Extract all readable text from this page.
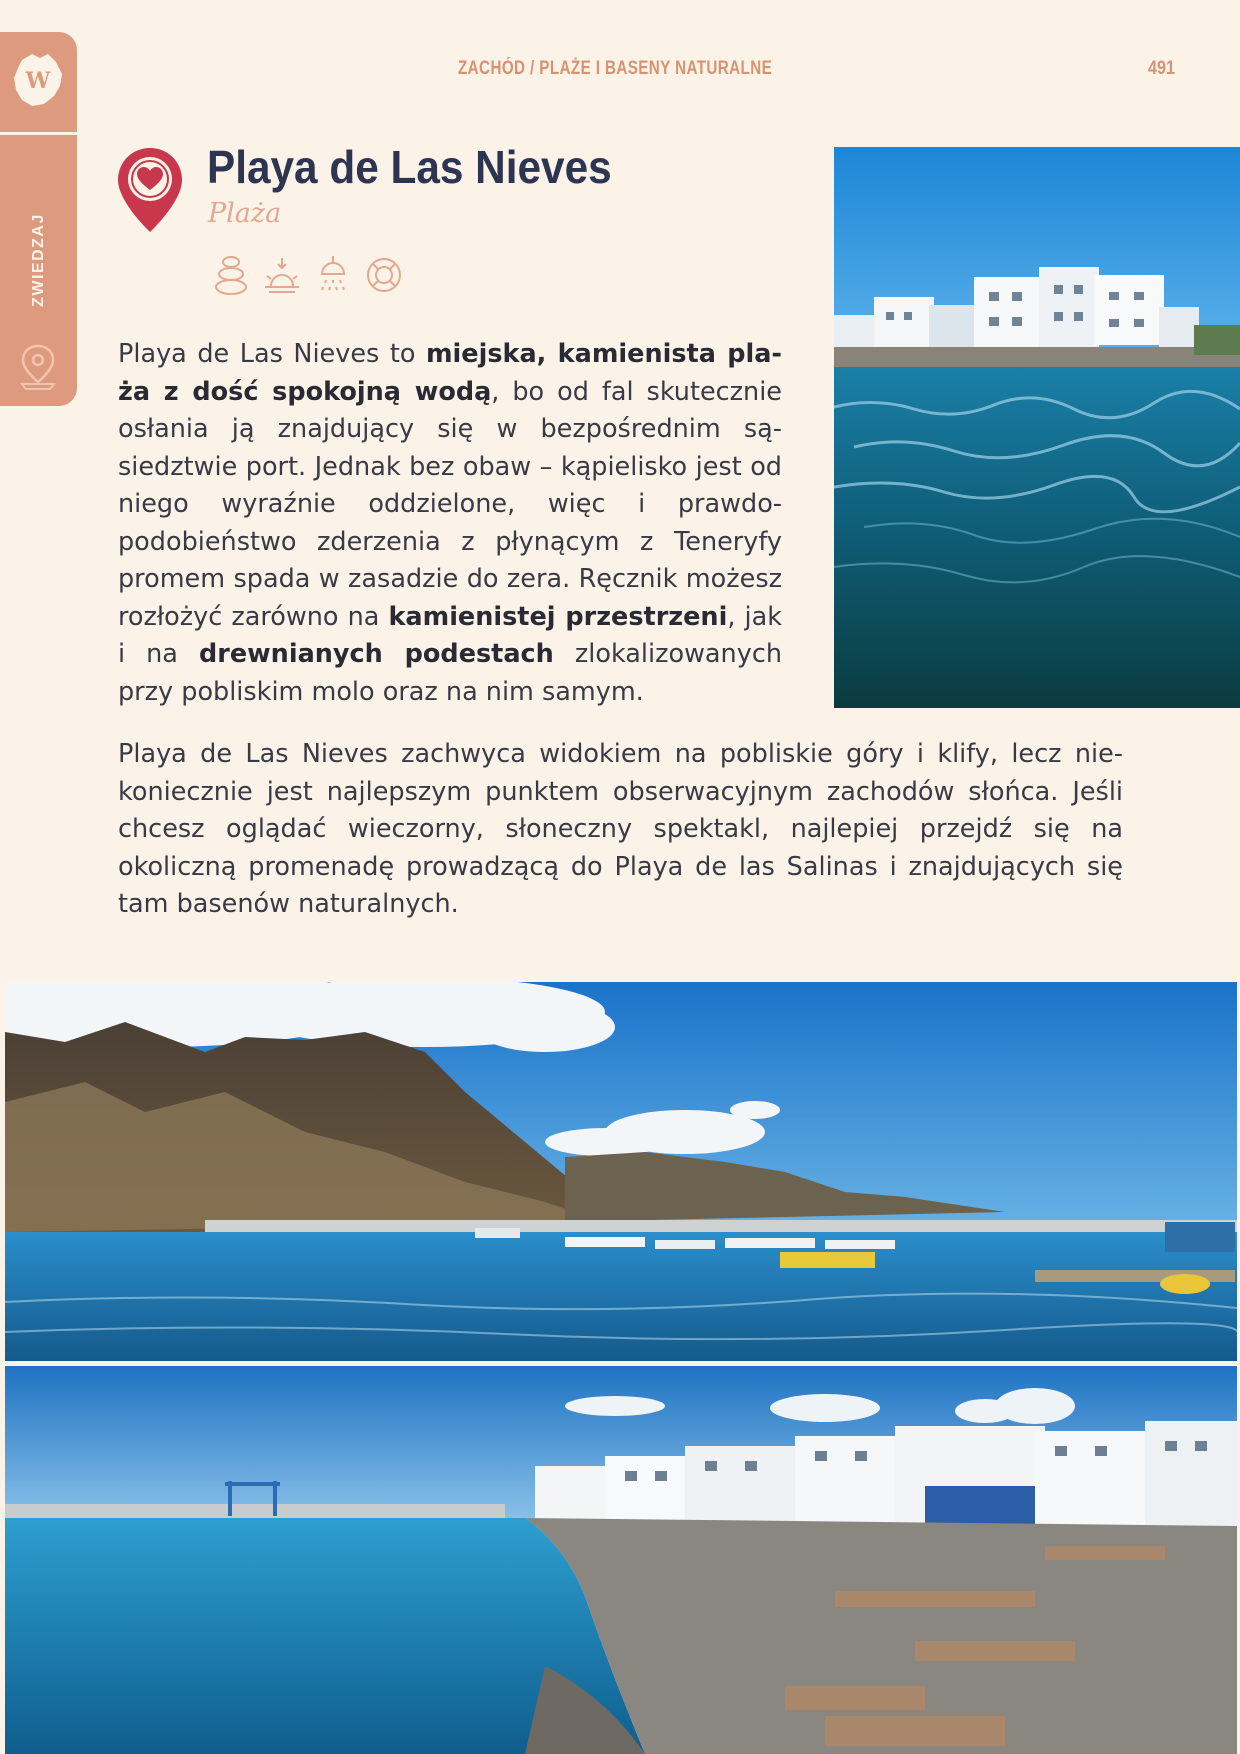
W
ZWIEDZAJ
ZACHÓD / PLAŻE I BASENY NATURALNE	491
Playa de Las Nieves
Plaża

Playa de Las Nieves to miejska, kamienista plaża z dość spokojną wodą, bo od fal skutecznie osłania ją znajdujący się w bezpośrednim sąsiedztwie port. Jednak bez obaw – kąpielisko jest od niego wyraźnie oddzielone, więc i prawdopodobieństwo zderzenia z płynącym z Teneryfy promem spada w zasadzie do zera. Ręcznik możesz rozłożyć zarówno na kamienistej przestrzeni, jak i na drewnianych podestach zlokalizowanych przy pobliskim molo oraz na nim samym.

Playa de Las Nieves zachwyca widokiem na pobliskie góry i klify, lecz niekoniecznie jest najlepszym punktem obserwacyjnym zachodów słońca. Jeśli chcesz oglądać wieczorny, słoneczny spektakl, najlepiej przejdź się na okoliczną promenadę prowadzącą do Playa de las Salinas i znajdujących się tam basenów naturalnych.
